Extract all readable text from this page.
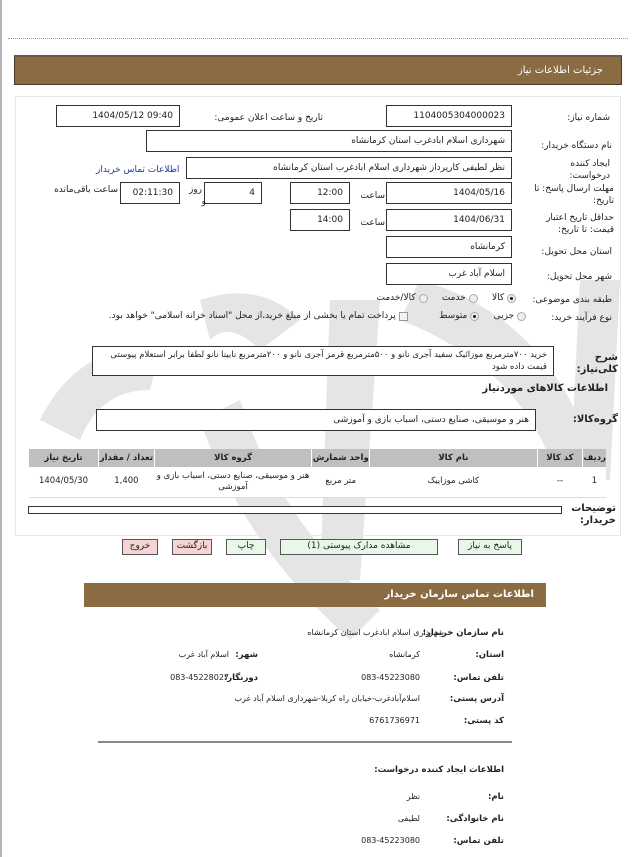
جزئیات اطلاعات نیاز
شماره نیاز:
1104005304000023
تاریخ و ساعت اعلان عمومی:
1404/05/12 09:40
نام دستگاه خریدار:
شهرداری اسلام ابادغرب استان کرمانشاه
ایجاد کننده درخواست:
نظر لطیفی کارپرداز شهرداری اسلام ابادغرب استان کرمانشاه
اطلاعات تماس خریدار
مهلت ارسال پاسخ: تا تاریخ:
1404/05/16
ساعت
12:00
4
روز
و
02:11:30
ساعت باقی‌مانده
حداقل تاریخ اعتبار قیمت: تا تاریخ:
1404/06/31
ساعت
14:00
استان محل تحویل:
کرمانشاه
شهر محل تحویل:
اسلام آباد غرب
طبقه بندی موضوعی:
کالا      خدمت      کالا/خدمت
نوع فرآیند خرید:
جزیی      متوسط            پرداخت تمام یا بخشی از مبلغ خرید،از محل "اسناد خزانه اسلامی" خواهد بود.
شرح کلی‌نیاز:
خرید ۷۰۰مترمربع موزائیک سفید آجری نانو و ۵۰۰مترمربع قرمز آجری نانو و ۲۰۰مترمربع نابینا نانو لطفا برابر استعلام پیوستی قیمت داده شود
اطلاعات کالاهای موردنیاز
گروه‌کالا:
هنر و موسیقی، صنایع دستی، اسباب بازی و آموزشی
ردیف	کد کالا	نام کالا	واحد شمارش	گروه کالا	تعداد / مقدار	تاریخ نیاز
1	--	کاشی موزاییک	متر مربع	هنر و موسیقی، صنایع دستی، اسباب بازی و آموزشی	1,400	1404/05/30
توضیحات خریدار:
پاسخ به نیاز
مشاهده مدارک پیوستی (1)
چاپ
بازگشت
خروج
اطلاعات تماس سازمان خریدار
نام سازمان خریدار:
شهرداری اسلام ابادغرب استان کرمانشاه
استان:
کرمانشاه
شهر:
اسلام آباد غرب
تلفن تماس:
083-45223080
دورنگار:
083-45228027
آدرس پستی:
اسلام‌آبادغرب-خیابان راه کربلا-شهرداری اسلام آباد غرب
کد پستی:
6761736971
اطلاعات ایجاد کننده درخواست:
نام:
نظر
نام خانوادگی:
لطیفی
تلفن تماس:
083-45223080
